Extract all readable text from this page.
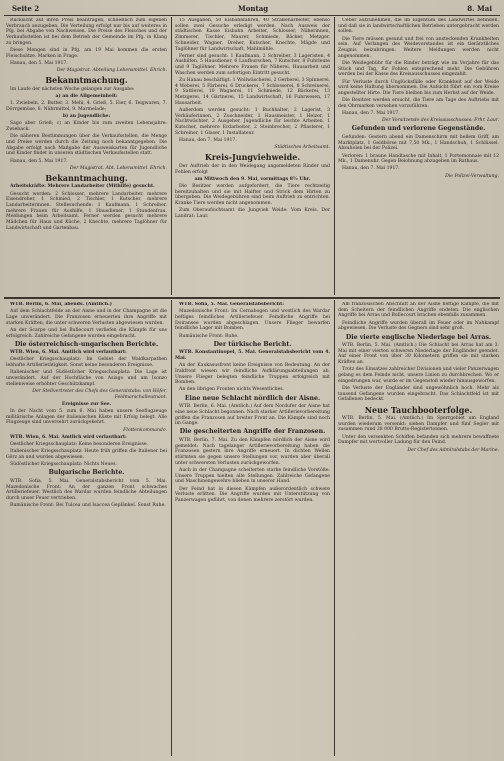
Seite 2	Montag	8. Mai

Rücksicht auf ihren Preis beantragen, schließlich zum eigenen Verbrauch anzugeben. Die Verteilung erfolgt nur bis auf weiteres in Pfg. bei Abgabe von Nachweisen. Die Preise des Fleisches und der Verkaufsstellen ist bei dem Betrieb der Gemeinde im Pfg. in Klang zu bringen.

Diese Mengen sind in Pfg. am 19 Mai kommen die ersten Fleischsätze. Marken in Frage.

Hanau, den 5. Mai 1917.

Der Magistrat. Abteilung Lebensmittel. Ehrich.

Bekanntmachung.

Im Laufe der nächsten Woche gelangen zur Ausgabe:

a) an die Allgemeinheit:

1. Zwiebeln, 2. Butter, 3. Mehl, 4. Grieß, 5. Eier, 6. Teigwaren, 7. Dörrgemüse, 8. Nährmittel, 9. Marmelade;

b) an Jugendliche:

Sago aber Grieß; c) an Kinder bis zum zweiten Lebensjahre: Zwieback.

Die näheren Bestimmungen über die Verkaufsstellen, die Menge und Preise werden durch die Zeitung noch bekanntgegeben. Die Abgabe erfolgt nach Maßgabe der Ausweiskarten für Jugendliche und Kinder findet in unseren städtischen Verkaufsstellen statt.

Hanau, den 5. Mai 1917.

Der Magistrat. Abt. Lebensmittel. Ehrich.

Bekanntmachung.

Arbeitskräfte: Mehrere Landarbeiter (Mithilfe) gesucht.

Gesucht werden: 2 Schlosser, mehrere Landarbeiter, mehrere Eisendreher, 1 Schmied, 2 Tischler, 1 Kutscher, mehrere Landarbeiterinnen. Stellesuchende: 1 Kaufmann, 1 Schreiber, mehrere Frauen für Aushilfe, 1 Hausdiener, 1 Stundenfrau. Meldungen beim Arbeitsamt. Ferner werden gesucht mehrere Mädchen für Haus und Küche, 2 Knechte, mehrere Taglöhner für Landwirtschaft und Gartenbau.

15 Ausgaben, 50 Eisbahnfähren, 40 Straßenarbeiter, ebenso sollen zwei Gesuche erledigt werden. Nach Ausweis der städtischen Kasse Eisbahn Arbeiter, Schlosser, Näherinnen, Zimmerer, Tischler, Maurer, Schmiede, Bäcker, Metzger, Schneider, Wagner, Dreher, Kutscher, Knechte, Mägde und Taglöhner für Landwirtschaft, Mahlmühle.

Ferner sind gesucht: 1 Kaufmann, 2 Schreiber, 3 Lageristen, 4 Aushilfen, 5 Hausdiener, 6 Laufburschen, 7 Kutscher, 8 Fuhrleute und 9 Taglöhner. Mehrere Frauen für Näherei, Hausarbeit und Waschen werden zum sofortigen Eintritt gesucht.

Zu Hanau beschäftigt: 1 Wollwäscherei, 2 Gerberei, 3 Spinnerei, 4 Weberei, 5 Färberei, 6 Druckerei, 7 Schlosserei, 8 Schreinerei, 9 Sattlerei, 10 Wagnerei, 11 Schmiede, 12 Bäckerei, 13 Metzgerei, 14 Gärtnerei, 15 Landwirtschaft, 16 Fuhrwesen, 17 Hausarbeit.

Außerdem werden gesucht: 1 Buchhalter, 2 Lagerist, 3 Verkäuferinnen, 2 Zuschneider, 1 Hausmeister, 1 Heizer, 1 Nachtwächter, 2 Ausgeher, Jugendliche für leichte Arbeiten, 1 Kutscher, mehrere Erdarbeiter, 2 Steinbrecher, 2 Pflasterer, 1 Schreiner, 1 Glaser, 1 Installateur.

Hanau, den 7. Mai 1917.

Städtisches Arbeitsamt.

Kreis-Jungviehweide.

Der Auftrieb der in den Weidegang angemeldeten Rinder und Fohlen erfolgt

am Mittwoch den 9. Mai, vormittags 8½ Uhr.

Die Besitzer werden aufgefordert, die Tiere rechtzeitig bereitzuhalten und sie mit Halfter und Strick dem Hirten zu übergeben. Die Weidegebühren sind beim Auftrieb zu entrichten. Kranke Tiere werden nicht angenommen.

Zum Oberaufsichtsamt die Jungvieh Weide: Vom Kreis. Der Landrat: Laur.

Ueber aufzunehmen, die im Eigentum des Landwirtes befinden, und daß sie in landwirtschaftlichen Betrieben untergebracht werden sollen.

Die Tiere müssen gesund und frei von ansteckenden Krankheiten sein. Auf Verlangen des Weidevorstandes ist ein tierärztliches Zeugnis beizubringen. Weitere Meldungen werden nicht angenommen.

Die Weidegebühr für die Rinder beträgt wie im Vorjahre für das Stück und Tag, für Fohlen entsprechend mehr. Die Gebühren werden bei der Kasse des Kreisausschusses eingezahlt.

Für Verluste durch Unglücksfälle oder Krankheit auf der Weide wird keine Haftung übernommen. Die Aufsicht führt ein vom Kreise angestellter Hirte. Die Tiere bleiben bis zum Herbst auf der Weide.

Die Besitzer werden ersucht, die Tiere am Tage des Auftriebs mit den Ohrmarken versehen vorzuführen.

Hanau, den 7. Mai 1917.

Der Vorsitzende des Kreisausschusses: Frhr. Laur.

Gefunden und verlorene Gegenstände.

Gefunden: Gestern abend ein Damenschirm mit hellem Griff, am Marktplatz, 1 Geldbörse mit 7,50 Mk., 1 Handschuh, 1 Schlüssel. Abzuholen bei der Polizei.

Verloren: 1 braune Handtasche mit Inhalt, 1 Portemonnaie mit 12 Mk., 1 Damenuhr. Gegen Belohnung abzugeben im Rathaus.

Hanau, den 7. Mai 1917.

Die Polizei-Verwaltung.

WTB. Berlin, 6. Mai, abends. (Amtlich.)

Auf dem Schlachtfelde an der Aisne und in der Champagne ist die Lage unverändert. Die Franzosen erneuerten ihre Angriffe mit starken Kräften, die unter schweren Verlusten abgewiesen wurden.

An der Scarpe und bei Bullecourt verliefen die Kämpfe für uns erfolgreich. Zahlreiche Gefangene wurden eingebracht.

Die österreichisch-ungarischen Berichte.

WTB. Wien, 6. Mai. Amtlich wird verlautbart:

Oestlicher Kriegsschauplatz: Im Gebiet der Waldkarpathen lebhafte Artillerietätigkeit. Sonst keine besonderen Ereignisse.

Italienischer und Südöstlicher Kriegsschauplatz: Die Lage ist unverändert. Auf der Hochfläche von Asiago und am Isonzo stellenweise erhöhter Geschützkampf.

Der Stellvertreter des Chefs des Generalstabs: von Höfer, Feldmarschalleutnant.

Ereignisse zur See.

In der Nacht vom 5. zum 6. Mai haben unsere Seeflugzeuge militärische Anlagen der italienischen Küste mit Erfolg belegt. Alle Flugzeuge sind unversehrt zurückgekehrt.

Flottenkommando.

WTB. Wien, 6. Mai. Amtlich wird verlautbart:

Oestlicher Kriegsschauplatz: Keine besonderen Ereignisse.

Italienischer Kriegsschauplatz: Heute früh griffen die Italiener bei Görz an und wurden abgewiesen.

Südöstlicher Kriegsschauplatz: Nichts Neues.

Bulgarische Berichte.

WTB. Sofia, 5. Mai. Generalstabsbericht vom 5. Mai. Mazedonische Front: An der ganzen Front schwaches Artilleriefeuer. Westlich des Wardar wurden feindliche Abteilungen durch unser Feuer vertrieben.

Rumänische Front: Bei Tulcea und Isaccea Geplänkel. Sonst Ruhe.

WTB. Sofia, 5. Mai. Generalstabsbericht:

Mazedonische Front: Im Cernabogen und westlich des Wardar heftiges feindliches Artilleriefeuer. Feindliche Angriffe bei Doiransee wurden abgeschlagen. Unsere Flieger bewarfen feindliche Lager mit Bomben.

Rumänische Front: Ruhe.

Der türkische Bericht.

WTB. Konstantinopel, 5. Mai. Generalstabsbericht vom 4. Mai.

An der Kaukasusfront keine Ereignisse von Bedeutung. An der Irakfront wiesen wir feindliche Aufklärungsabteilungen ab. Unsere Flieger belegten feindliche Truppen erfolgreich mit Bomben.

An den übrigen Fronten nichts Wesentliches.

Eine neue Schlacht nördlich der Aisne.

WTB. Berlin, 6. Mai. (Amtlich.) Auf dem Nordufer der Aisne hat eine neue Schlacht begonnen. Nach starker Artillerievorbereitung griffen die Franzosen auf breiter Front an. Die Kämpfe sind noch im Gange.

Die gescheiterten Angriffe der Franzosen.

WTB. Berlin, 7. Mai. Zu den Kämpfen nördlich der Aisne wird gemeldet: Nach tagelanger Artillerievorbereitung haben die Franzosen gestern ihre Angriffe erneuert. In dichten Wellen stürmten sie gegen unsere Stellungen vor, wurden aber überall unter schwersten Verlusten zurückgeworfen.

Auch in der Champagne scheiterten starke feindliche Vorstöße. Unsere Truppen hielten alle Stellungen. Zahlreiche Gefangene und Maschinengewehre blieben in unserer Hand.

Der Feind hat in diesen Kämpfen außerordentlich schwere Verluste erlitten. Die Angriffe wurden mit Unterstützung von Panzerwagen geführt, von denen mehrere zerstört wurden.

Am französischen Abschnitt an der Aisne heftige Kämpfe, die mit dem Scheitern der feindlichen Angriffe endeten. Die englischen Angriffe bei Arras und Bullecourt brachen ebenfalls zusammen.

Feindliche Angriffe wurden überall im Feuer oder im Nahkampf abgewiesen. Die Verluste des Gegners sind sehr groß.

Die vierte englische Niederlage bei Arras.

WTB. Berlin, 5. Mai. (Amtlich.) Die Schlacht bei Arras hat am 3. Mai mit einer vierten schweren Niederlage der Engländer geendet. Auf einer Front von über 30 Kilometern griffen sie mit starken Kräften an.

Trotz des Einsatzes zahlreicher Divisionen und vieler Panzerwagen gelang es dem Feinde nicht, unsere Linien zu durchbrechen. Wo er eingedrungen war, wurde er im Gegenstoß wieder hinausgeworfen.

Die Verluste der Engländer sind ungewöhnlich hoch. Mehr als tausend Gefangene wurden eingebracht. Das Schlachtfeld ist mit Gefallenen bedeckt.

Neue Tauchbooterfolge.

WTB. Berlin, 5. Mai. (Amtlich.) Im Sperrgebiet um England wurden wiederum versenkt: sieben Dampfer und fünf Segler mit zusammen rund 28 000 Brutto-Registertonnen.

Unter den versenkten Schiffen befanden sich mehrere bewaffnete Dampfer mit wertvoller Ladung für den Feind.

Der Chef des Admiralstabs der Marine.
